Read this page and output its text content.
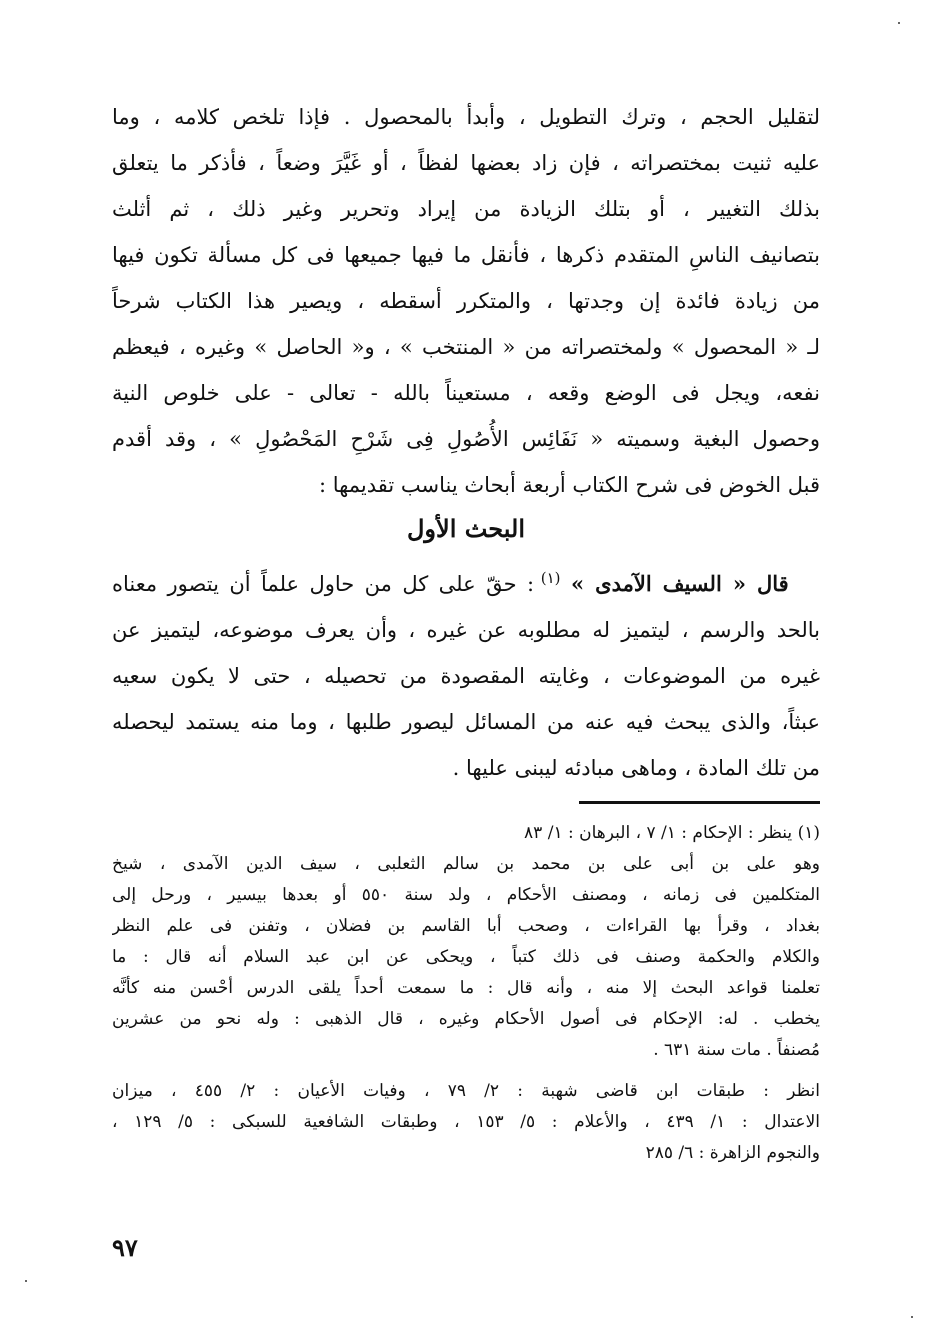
لتقليل الحجم ، وترك التطويل ، وأبدأ بالمحصول . فإذا تلخص كلامه ، وما
عليه ثنيت بمختصراته ، فإن زاد بعضها لفظاً ، أو غَيَّرَ وضعاً ، فأذكر ما يتعلق
بذلك التغيير ، أو بتلك الزيادة من إيراد وتحرير وغير ذلك ، ثم أثلث
بتصانيف الناسِ المتقدم ذكرها ، فأنقل ما فيها جميعها فى كل مسألة تكون فيها
من زيادة فائدة إن وجدتها ، والمتكرر أسقطه ، ويصير هذا الكتاب شرحاً
لـ « المحصول » ولمختصراته من « المنتخب » ، و« الحاصل » وغيره ، فيعظم
نفعه، ويجل فى الوضع وقعه ، مستعيناً بالله - تعالى - على خلوص النية
وحصول البغية وسميته « نَفَائِس الأُصُولِ فِى شَرْحِ المَحْصُولِ » ، وقد أقدم
قبل الخوض فى شرح الكتاب أربعة أبحاث يناسب تقديمها :
البحث الأول
قال « السيف الآمدى » $^{(١)}$ : حقّ على كل من حاول علماً أن يتصور معناه
بالحد والرسم ، ليتميز له مطلوبه عن غيره ، وأن يعرف موضوعه، ليتميز عن
غيره من الموضوعات ، وغايته المقصودة من تحصيله ، حتى لا يكون سعيه
عبثاً، والذى يبحث فيه عنه من المسائل ليصور طلبها ، وما منه يستمد ليحصله
من تلك المادة ، وماهى مبادئه ليبنى عليها .
(١) ينظر : الإحكام : ١/ ٧ ، البرهان : ١/ ٨٣
وهو على بن أبى على بن محمد بن سالم الثعلبى ، سيف الدين الآمدى ، شيخ
المتكلمين فى زمانه ، ومصنف الأحكام ، ولد سنة ٥٥٠ أو بعدها بيسير ، ورحل إلى
بغداد ، وقرأ بها القراءات ، وصحب أبا القاسم بن فضلان ، وتفنن فى علم النظر
والكلام والحكمة وصنف فى ذلك كتباً ، ويحكى عن ابن عبد السلام أنه قال : ما
تعلمنا قواعد البحث إلا منه ، وأنه قال : ما سمعت أحداً يلقى الدرس أحْسن منه كأنَّه
يخطب . له: الإحكام فى أصول الأحكام وغيره ، قال الذهبى : وله نحو من عشرين
مُصنفاً . مات سنة ٦٣١ .
انظر : طبقات ابن قاضى شهبة : ٢/ ٧٩ ، وفيات الأعيان : ٢/ ٤٥٥ ، ميزان
الاعتدال : ١/ ٤٣٩ ، والأعلام : ٥/ ١٥٣ ، وطبقات الشافعية للسبكى : ٥/ ١٢٩ ،
والنجوم الزاهرة : ٦/ ٢٨٥
٩٧
